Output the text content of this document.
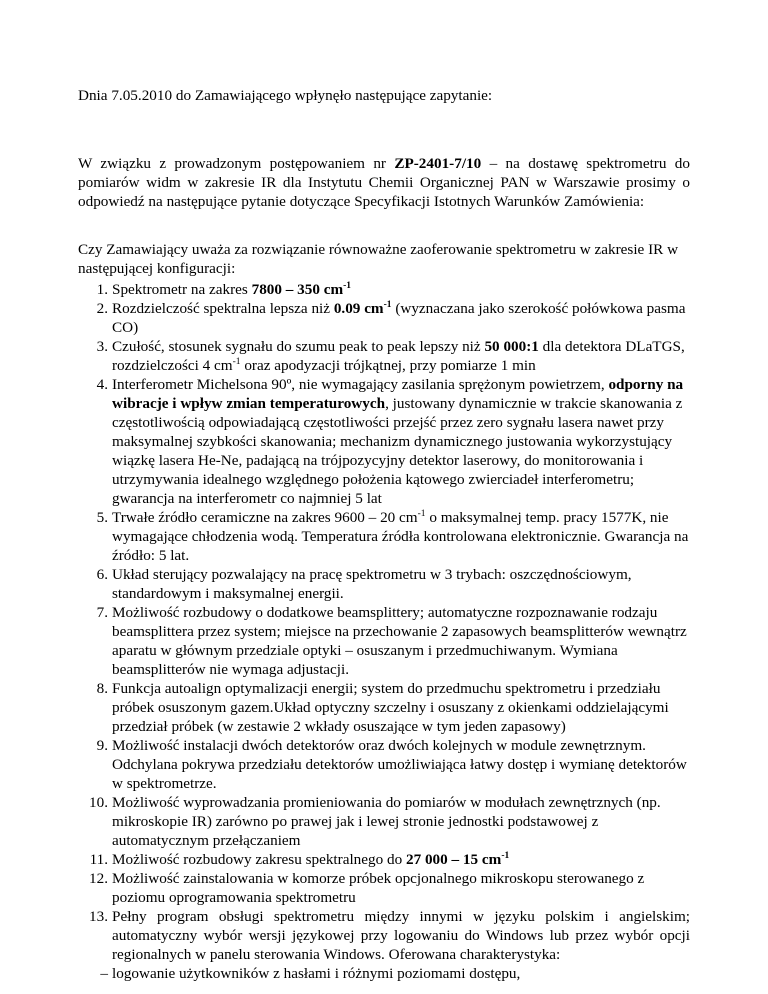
Dnia 7.05.2010 do Zamawiającego wpłynęło następujące zapytanie:
W związku z prowadzonym postępowaniem nr ZP-2401-7/10 – na dostawę spektrometru do pomiarów widm w zakresie IR dla Instytutu Chemii Organicznej PAN w Warszawie prosimy o odpowiedź na następujące pytanie dotyczące Specyfikacji Istotnych Warunków Zamówienia:
Czy Zamawiający uważa za rozwiązanie równoważne zaoferowanie spektrometru w zakresie IR w następującej konfiguracji:
1. Spektrometr na zakres 7800 – 350 $cm^{-1}$
2. Rozdzielczość spektralna lepsza niż 0.09 $cm^{-1}$ (wyznaczana jako szerokość połówkowa pasma CO)
3. Czułość, stosunek sygnału do szumu peak to peak lepszy niż 50 000:1 dla detektora DLaTGS, rozdzielczości 4 $cm^{-1}$ oraz apodyzacji trójkątnej, przy pomiarze 1 min
4. Interferometr Michelsona 90º, nie wymagający zasilania sprężonym powietrzem, odporny na wibracje i wpływ zmian temperaturowych, justowany dynamicznie w trakcie skanowania z częstotliwością odpowiadającą częstotliwości przejść przez zero sygnału lasera nawet przy maksymalnej szybkości skanowania; mechanizm dynamicznego justowania wykorzystujący wiązkę lasera He-Ne, padającą na trójpozycyjny detektor laserowy, do monitorowania i utrzymywania idealnego względnego położenia kątowego zwierciadeł interferometru; gwarancja na interferometr co najmniej 5 lat
5. Trwałe źródło ceramiczne na zakres 9600 – 20 $cm^{-1}$ o maksymalnej temp. pracy 1577K, nie wymagające chłodzenia wodą. Temperatura źródła kontrolowana elektronicznie. Gwarancja na źródło: 5 lat.
6. Układ sterujący pozwalający na pracę spektrometru w 3 trybach: oszczędnościowym, standardowym i maksymalnej energii.
7. Możliwość rozbudowy o dodatkowe beamsplittery; automatyczne rozpoznawanie rodzaju beamsplittera przez system; miejsce na przechowanie 2 zapasowych beamsplitterów wewnątrz aparatu w głównym przedziale optyki – osuszanym i przedmuchiwanym. Wymiana beamsplitterów nie wymaga adjustacji.
8. Funkcja autoalign optymalizacji energii; system do przedmuchu spektrometru i przedziału próbek osuszonym gazem.Układ optyczny szczelny i osuszany z okienkami oddzielającymi przedział próbek (w zestawie 2 wkłady osuszające w tym jeden zapasowy)
9. Możliwość instalacji dwóch detektorów oraz dwóch kolejnych w module zewnętrznym. Odchylana pokrywa przedziału detektorów umożliwiająca łatwy dostęp i wymianę detektorów w spektrometrze.
10. Możliwość wyprowadzania promieniowania do pomiarów w modułach zewnętrznych (np. mikroskopie IR) zarówno po prawej jak i lewej stronie jednostki podstawowej z automatycznym przełączaniem
11. Możliwość rozbudowy zakresu spektralnego do 27 000 – 15 $cm^{-1}$
12. Możliwość zainstalowania w komorze próbek opcjonalnego mikroskopu sterowanego z poziomu oprogramowania spektrometru
13. Pełny program obsługi spektrometru między innymi w języku polskim i angielskim; automatyczny wybór wersji językowej przy logowaniu do Windows lub przez wybór opcji regionalnych w panelu sterowania Windows. Oferowana charakterystyka:
– logowanie użytkowników z hasłami i różnymi poziomami dostępu,
